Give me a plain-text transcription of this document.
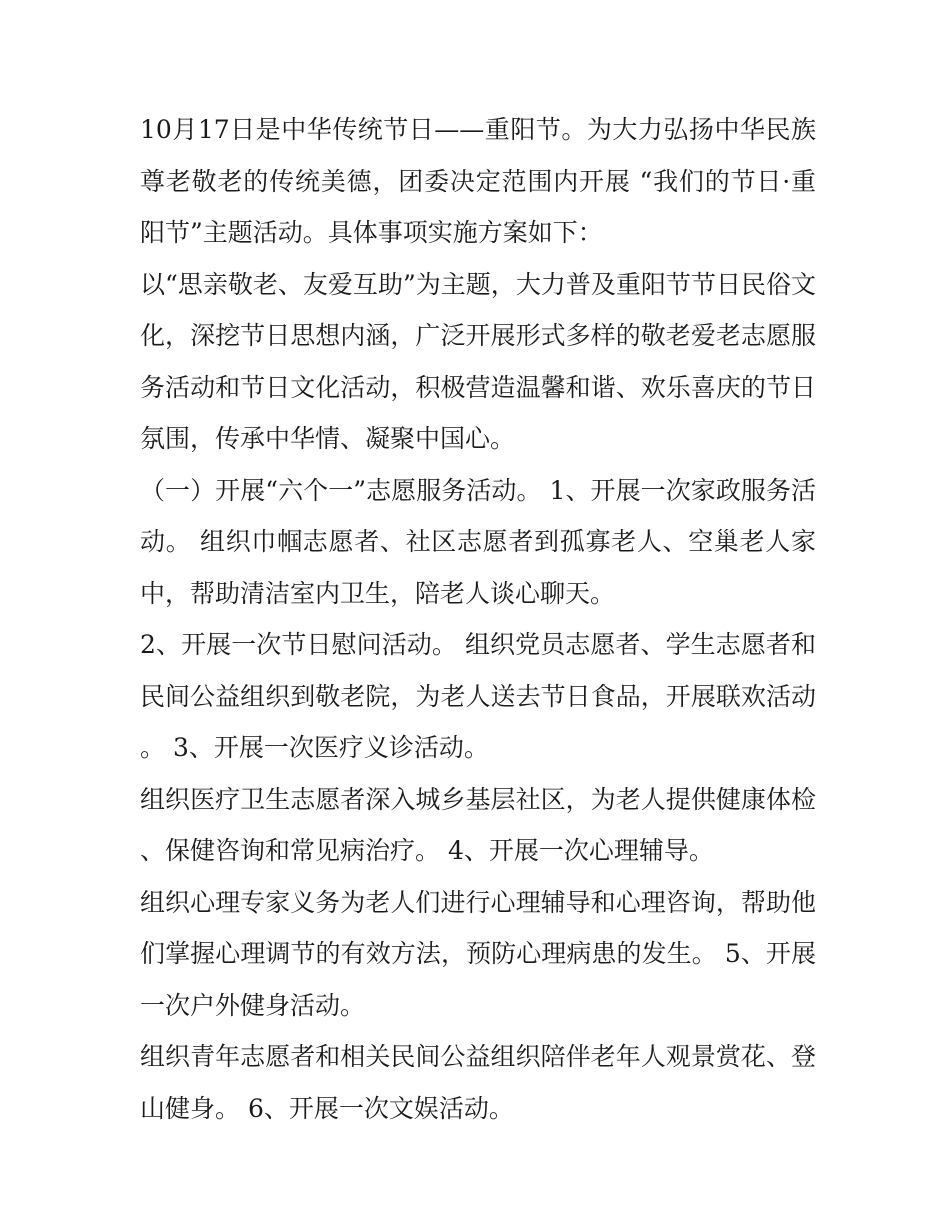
10月17日是中华传统节日——重阳节。为大力弘扬中华民族尊老敬老的传统美德，团委决定范围内开展 “我们的节日·重阳节”主题活动。具体事项实施方案如下：

以“思亲敬老、友爱互助”为主题，大力普及重阳节节日民俗文化，深挖节日思想内涵，广泛开展形式多样的敬老爱老志愿服务活动和节日文化活动，积极营造温馨和谐、欢乐喜庆的节日氛围，传承中华情、凝聚中国心。

（一）开展“六个一”志愿服务活动。 1、开展一次家政服务活动。 组织巾帼志愿者、社区志愿者到孤寡老人、空巢老人家中，帮助清洁室内卫生，陪老人谈心聊天。

2、开展一次节日慰问活动。 组织党员志愿者、学生志愿者和民间公益组织到敬老院，为老人送去节日食品，开展联欢活动。 3、开展一次医疗义诊活动。

组织医疗卫生志愿者深入城乡基层社区，为老人提供健康体检、保健咨询和常见病治疗。 4、开展一次心理辅导。

组织心理专家义务为老人们进行心理辅导和心理咨询，帮助他们掌握心理调节的有效方法，预防心理病患的发生。 5、开展一次户外健身活动。

组织青年志愿者和相关民间公益组织陪伴老年人观景赏花、登山健身。 6、开展一次文娱活动。
